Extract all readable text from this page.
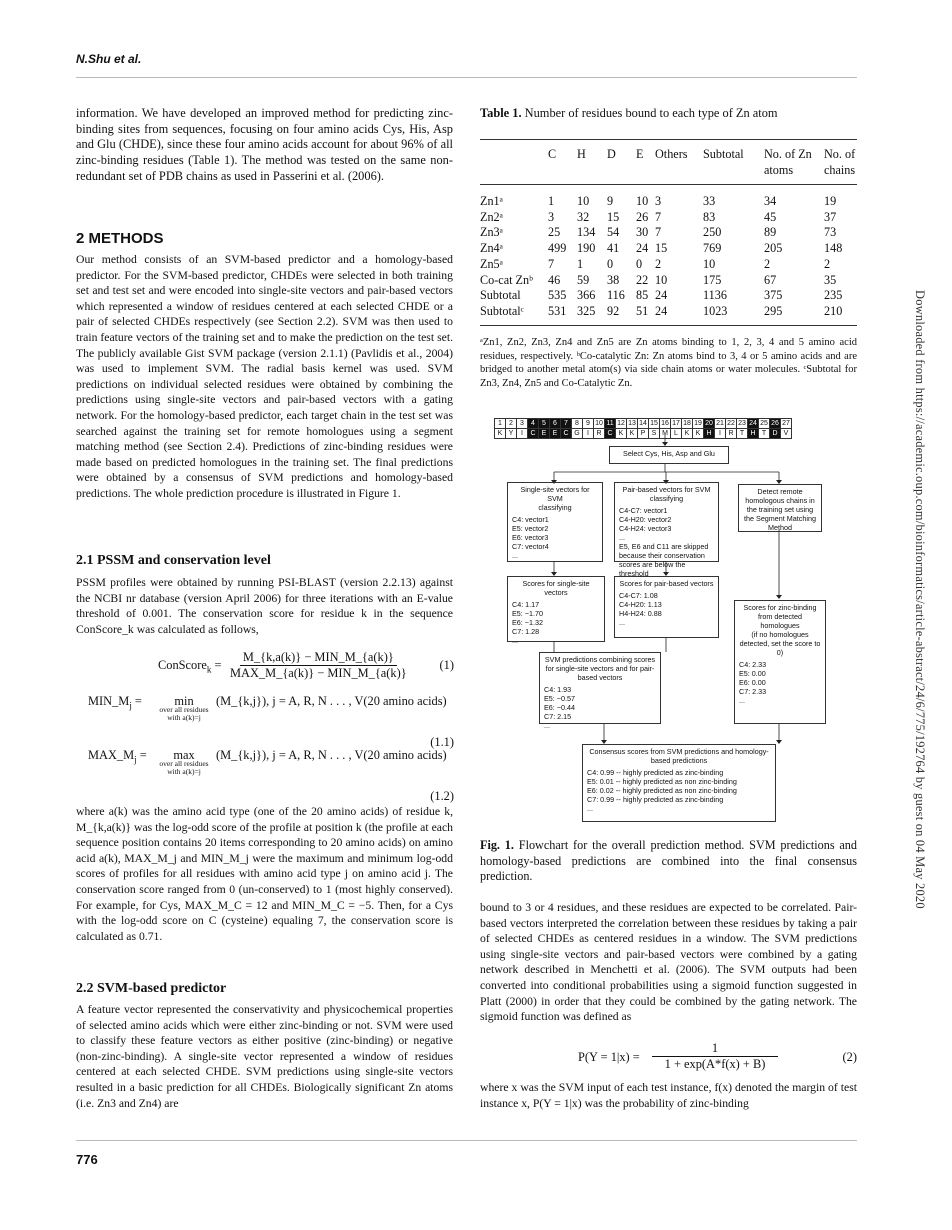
N.Shu et al.
information. We have developed an improved method for predicting zinc-binding sites from sequences, focusing on four amino acids Cys, His, Asp and Glu (CHDE), since these four amino acids account for about 96% of all zinc-binding residues (Table 1). The method was tested on the same non-redundant set of PDB chains as used in Passerini et al. (2006).
2 METHODS
Our method consists of an SVM-based predictor and a homology-based predictor. For the SVM-based predictor, CHDEs were selected in both training set and test set and were encoded into single-site vectors and pair-based vectors which represented a window of residues centered at each selected CHDE or a pair of selected CHDEs respectively (see Section 2.2). SVM was then used to train feature vectors of the training set and to make the prediction on the test set. The publicly available Gist SVM package (version 2.1.1) (Pavlidis et al., 2004) was used to implement SVM. The radial basis kernel was used. SVM predictions on individual selected residues were obtained by combining the predictions using single-site vectors and pair-based vectors with a gating network. For the homology-based predictor, each target chain in the test set was searched against the training set for remote homologues using a segment matching method (see Section 2.4). Predictions of zinc-binding residues were made based on predicted homologues in the training set. The final predictions were obtained by a consensus of SVM predictions and homology-based predictions. The whole prediction procedure is illustrated in Figure 1.
2.1 PSSM and conservation level
PSSM profiles were obtained by running PSI-BLAST (version 2.2.13) against the NCBI nr database (version April 2006) for three iterations with an E-value threshold of 0.001. The conservation score for residue k in the sequence ConScore_k was calculated as follows,
ConScore$_k$ =
M_{k,a(k)} − MIN_M_{a(k)}
MAX_M_{a(k)} − MIN_M_{a(k)}
(1)
$MIN\_M_j$ =	min
over all residues
with a(k)=j
(M_{k,j}), j = A, R, N . . . , V(20 amino acids)
(1.1)
$MAX\_M_j$ =	max
over all residues
with a(k)=j
(M_{k,j}), j = A, R, N . . . , V(20 amino acids)
(1.2)
where a(k) was the amino acid type (one of the 20 amino acids) of residue k, M_{k,a(k)} was the log-odd score of the profile at position k (the profile at each sequence position contains 20 items corresponding to 20 amino acids) on amino acid a(k), MAX_M_j and MIN_M_j were the maximum and minimum log-odd scores of profiles for all residues with amino acid type j on amino acid j. The conservation score ranged from 0 (un-conserved) to 1 (most highly conserved). For example, for Cys, MAX_M_C = 12 and MIN_M_C = −5. Then, for a Cys with the log-odd score on C (cysteine) equaling 7, the conservation score is calculated as 0.71.
2.2 SVM-based predictor
A feature vector represented the conservativity and physicochemical properties of selected amino acids which were either zinc-binding or not. SVM were used to classify these feature vectors as either positive (zinc-binding) or negative (non-zinc-binding). A single-site vector represented a window of residues centered at each selected CHDE. SVM predictions using single-site vectors resulted in a basic prediction for all CHDEs. Biologically significant Zn atoms (i.e. Zn3 and Zn4) are
Table 1. Number of residues bound to each type of Zn atom
	C	H	D	E	Others	Subtotal	No. of Zn atoms	No. of chains
Zn1ᵃ	1	10	9	10	3	33	34	19
Zn2ᵃ	3	32	15	26	7	83	45	37
Zn3ᵃ	25	134	54	30	7	250	89	73
Zn4ᵃ	499	190	41	24	15	769	205	148
Zn5ᵃ	7	1	0	0	2	10	2	2
Co-cat Znᵇ	46	59	38	22	10	175	67	35
Subtotal	535	366	116	85	24	1136	375	235
Subtotalᶜ	531	325	92	51	24	1023	295	210
ᵃZn1, Zn2, Zn3, Zn4 and Zn5 are Zn atoms binding to 1, 2, 3, 4 and 5 amino acid residues, respectively. ᵇCo-catalytic Zn: Zn atoms bind to 3, 4 or 5 amino acids and are bridged to another metal atom(s) via side chain atoms or water molecules. ᶜSubtotal for Zn3, Zn4, Zn5 and Co-Catalytic Zn.
1 2 3 4 5 6 7 8 9 10 11 12 13 14 15 16 17 18 19 20 21 22 23 24 25 26 27
K Y I C E E C G I R C K K P S M L K K H I R T H T D V
Select Cys, His, Asp and Glu
Single-site vectors for SVM
classifying
C4: vector1
E5: vector2
E6: vector3
C7: vector4
...
Pair-based vectors for SVM
classifying
C4-C7: vector1
C4-H20: vector2
C4-H24: vector3
...
E5, E6 and C11 are skipped
because their conservation
scores are below the threshold
Detect remote
homologous chains in
the training set using
the Segment Matching
Method
Scores for single-site vectors
C4: 1.17
E5: −1.70
E6: −1.32
C7: 1.28
...
Scores for pair-based vectors
C4-C7: 1.08
C4-H20: 1.13
H4-H24: 0.88
...
Scores for zinc-binding
from detected homologues
(if no homologues
detected, set the score to 0)
C4: 2.33
E5: 0.00
E6: 0.00
C7: 2.33
...
SVM predictions combining scores
for single-site vectors and for pair-
based vectors
C4: 1.93
E5: −0.57
E6: −0.44
C7: 2.15
...
Consensus scores from SVM predictions and homology-
based predictions
C4: 0.99 -- highly predicted as zinc-binding
E5: 0.01 -- highly predicted as non zinc-binding
E6: 0.02 -- highly predicted as non zinc-binding
C7: 0.99 -- highly predicted as zinc-binding
...
Fig. 1. Flowchart for the overall prediction method. SVM predictions and homology-based predictions are combined into the final consensus prediction.
bound to 3 or 4 residues, and these residues are expected to be correlated. Pair-based vectors interpreted the correlation between these residues by taking a pair of selected CHDEs as centered residues in a window. The SVM predictions using single-site vectors and pair-based vectors were combined by a gating network described in Menchetti et al. (2006). The SVM outputs had been converted into conditional probabilities using a sigmoid function suggested in Platt (2000) in order that they could be combined by the gating network. The sigmoid function was defined as
$P(Y = 1|x) = \frac{1}{1 + \exp(A*f(x) + B)}$	(2)
where x was the SVM input of each test instance, f(x) denoted the margin of test instance x, P(Y = 1|x) was the probability of zinc-binding
Downloaded from https://academic.oup.com/bioinformatics/article-abstract/24/6/775/192764 by guest on 04 May 2020
776
